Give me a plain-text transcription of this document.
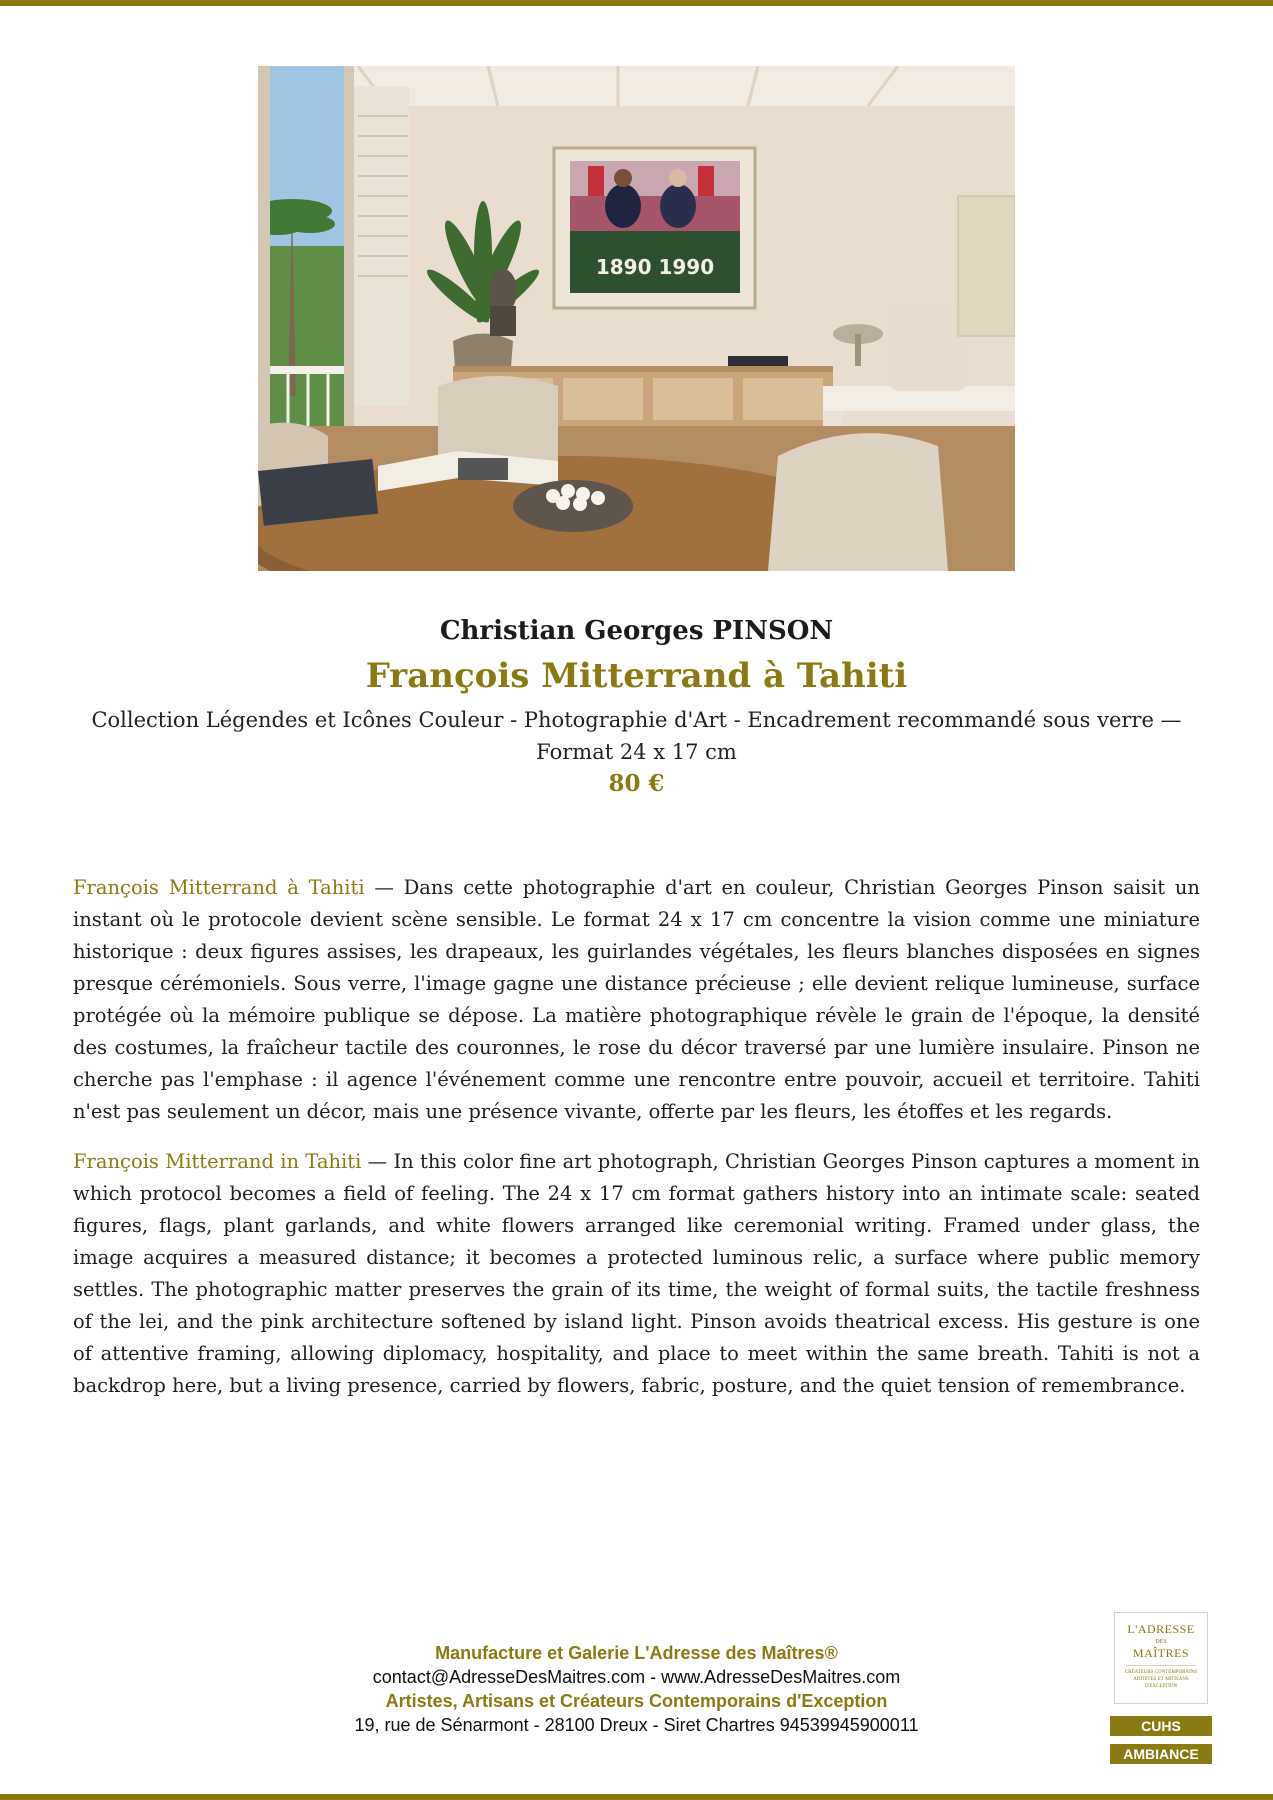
1890 1990
Christian Georges PINSON
François Mitterrand à Tahiti
Collection Légendes et Icônes Couleur - Photographie d'Art - Encadrement recommandé sous verre — Format 24 x 17 cm
80 €

François Mitterrand à Tahiti — Dans cette photographie d'art en couleur, Christian Georges Pinson saisit un instant où le protocole devient scène sensible. Le format 24 x 17 cm concentre la vision comme une miniature historique : deux figures assises, les drapeaux, les guirlandes végétales, les fleurs blanches disposées en signes presque cérémoniels. Sous verre, l'image gagne une distance précieuse ; elle devient relique lumineuse, surface protégée où la mémoire publique se dépose. La matière photographique révèle le grain de l'époque, la densité des costumes, la fraîcheur tactile des couronnes, le rose du décor traversé par une lumière insulaire. Pinson ne cherche pas l'emphase : il agence l'événement comme une rencontre entre pouvoir, accueil et territoire. Tahiti n'est pas seulement un décor, mais une présence vivante, offerte par les fleurs, les étoffes et les regards.

François Mitterrand in Tahiti — In this color fine art photograph, Christian Georges Pinson captures a moment in which protocol becomes a field of feeling. The 24 x 17 cm format gathers history into an intimate scale: seated figures, flags, plant garlands, and white flowers arranged like ceremonial writing. Framed under glass, the image acquires a measured distance; it becomes a protected luminous relic, a surface where public memory settles. The photographic matter preserves the grain of its time, the weight of formal suits, the tactile freshness of the lei, and the pink architecture softened by island light. Pinson avoids theatrical excess. His gesture is one of attentive framing, allowing diplomacy, hospitality, and place to meet within the same breath. Tahiti is not a backdrop here, but a living presence, carried by flowers, fabric, posture, and the quiet tension of remembrance.

Manufacture et Galerie L'Adresse des Maîtres®
contact@AdresseDesMaitres.com - www.AdresseDesMaitres.com
Artistes, Artisans et Créateurs Contemporains d'Exception
19, rue de Sénarmont - 28100 Dreux - Siret Chartres 94539945900011
L'ADRESSE
DES
MAÎTRES
CRÉATEURS CONTEMPORAINS ARTISTES ET ARTISANS D'EXCEPTION
CUHS
AMBIANCE
